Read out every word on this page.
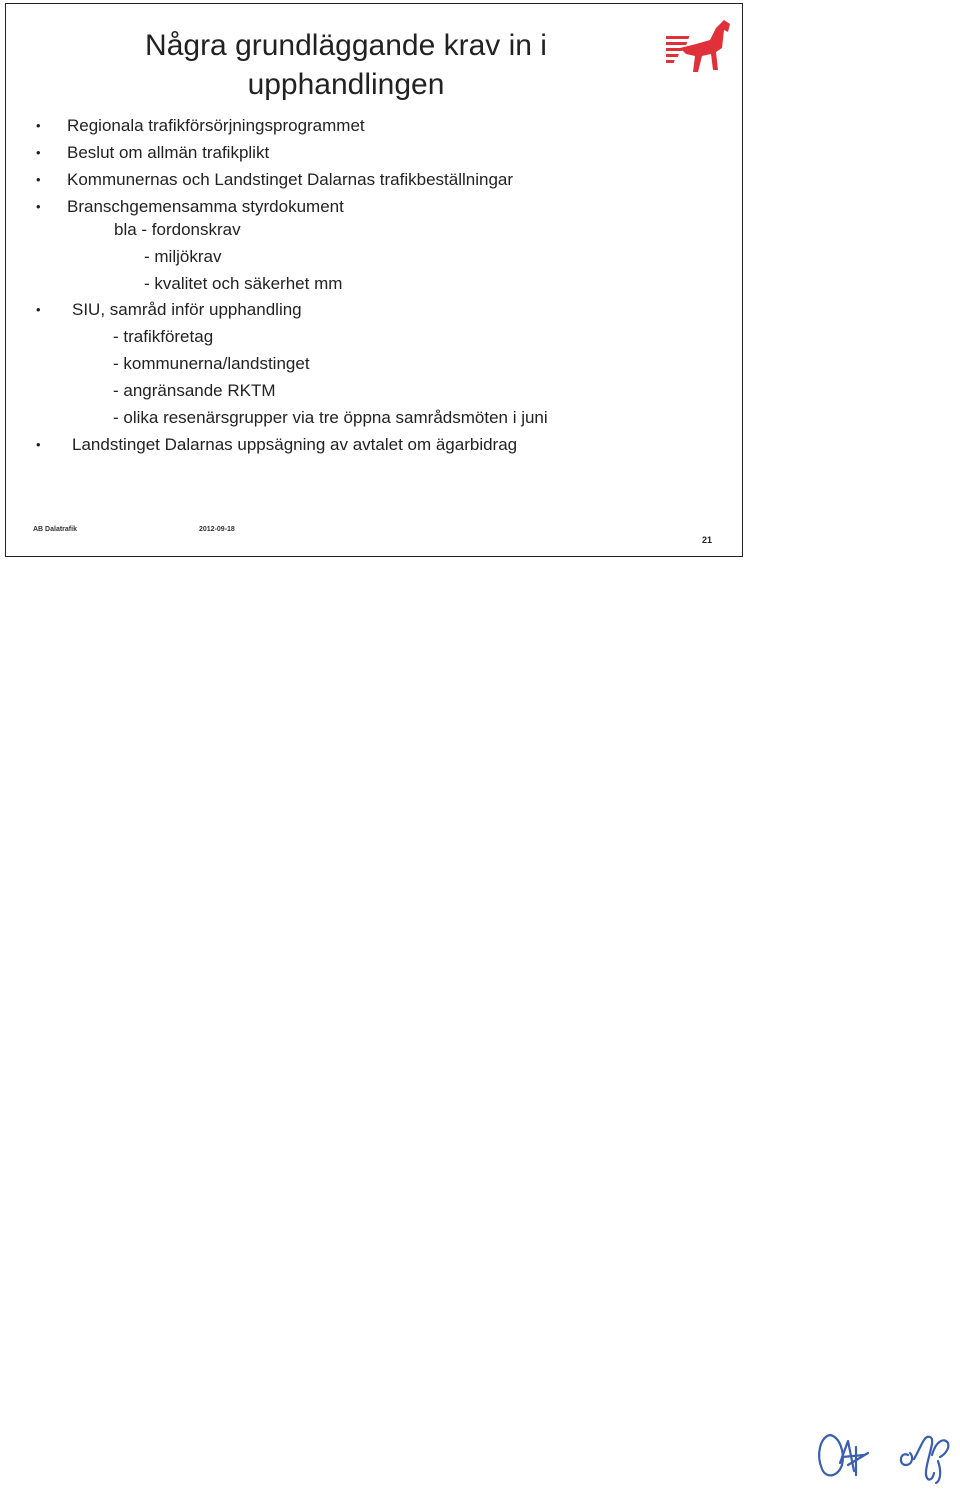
Några grundläggande krav in i
upphandlingen
• Regionala trafikförsörjningsprogrammet
• Beslut om allmän trafikplikt
• Kommunernas och Landstinget Dalarnas trafikbeställningar
• Branschgemensamma styrdokument
bla - fordonskrav
- miljökrav
- kvalitet och säkerhet mm
• SIU, samråd inför upphandling
- trafikföretag
- kommunerna/landstinget
- angränsande RKTM
- olika resenärsgrupper via tre öppna samrådsmöten i juni
• Landstinget Dalarnas uppsägning av avtalet om ägarbidrag
AB Dalatrafik	2012-09-18
21
